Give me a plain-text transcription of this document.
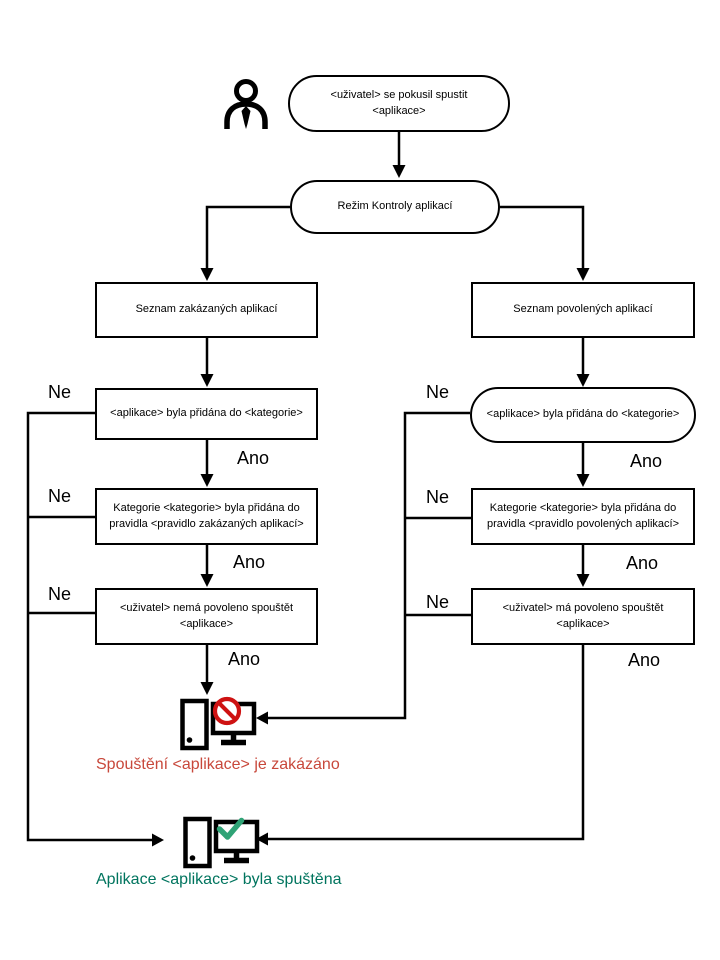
<uživatel> se pokusil spustit
<aplikace>
Režim Kontroly aplikací
Seznam zakázaných aplikací	Seznam povolených aplikací
<aplikace> byla přidána do <kategorie>	<aplikace> byla přidána do <kategorie>
Kategorie <kategorie> byla přidána do
pravidla <pravidlo zakázaných aplikací>
Kategorie <kategorie> byla přidána do
pravidla <pravidlo povolených aplikací>
<uživatel> nemá povoleno spouštět
<aplikace>
<uživatel> má povoleno spouštět
<aplikace>
Ne
Ne
Ne
Ano
Ano
Ano
Ne
Ne
Ne
Ano
Ano
Ano
Spouštění <aplikace> je zakázáno
Aplikace <aplikace> byla spuštěna
